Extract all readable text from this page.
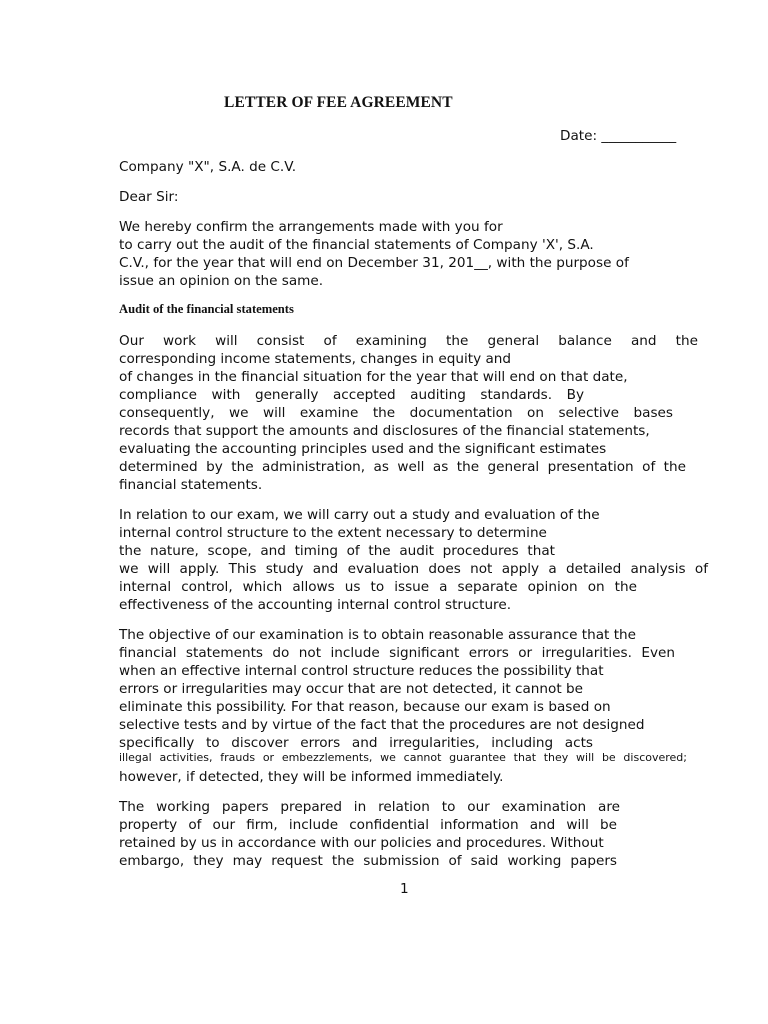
LETTER OF FEE AGREEMENT
Date: ___________
Company "X", S.A. de C.V.
Dear Sir:
We hereby confirm the arrangements made with you for
to carry out the audit of the financial statements of Company 'X', S.A.
C.V., for the year that will end on December 31, 201__, with the purpose of
issue an opinion on the same.
Audit of the financial statements
Our work will consist of examining the general balance and the
corresponding income statements, changes in equity and
of changes in the financial situation for the year that will end on that date,
compliance with generally accepted auditing standards. By
consequently, we will examine the documentation on selective bases
records that support the amounts and disclosures of the financial statements,
evaluating the accounting principles used and the significant estimates
determined by the administration, as well as the general presentation of the
financial statements.
In relation to our exam, we will carry out a study and evaluation of the
internal control structure to the extent necessary to determine
the nature, scope, and timing of the audit procedures that
we will apply. This study and evaluation does not apply a detailed analysis of
internal control, which allows us to issue a separate opinion on the
effectiveness of the accounting internal control structure.
The objective of our examination is to obtain reasonable assurance that the
financial statements do not include significant errors or irregularities. Even
when an effective internal control structure reduces the possibility that
errors or irregularities may occur that are not detected, it cannot be
eliminate this possibility. For that reason, because our exam is based on
selective tests and by virtue of the fact that the procedures are not designed
specifically to discover errors and irregularities, including acts
illegal activities, frauds or embezzlements, we cannot guarantee that they will be discovered;
however, if detected, they will be informed immediately.
The working papers prepared in relation to our examination are
property of our firm, include confidential information and will be
retained by us in accordance with our policies and procedures. Without
embargo, they may request the submission of said working papers
1
